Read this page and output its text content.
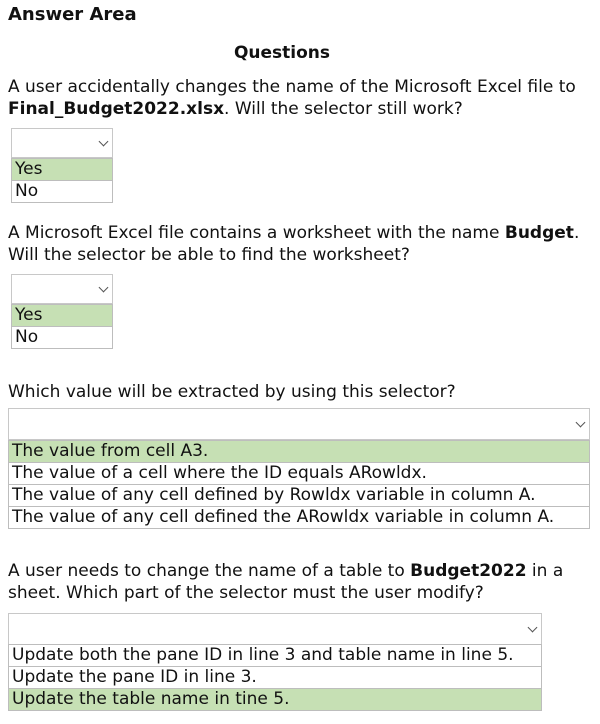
Answer Area
Questions
A user accidentally changes the name of the Microsoft Excel file to Final_Budget2022.xlsx. Will the selector still work?
Yes
No
A Microsoft Excel file contains a worksheet with the name Budget. Will the selector be able to find the worksheet?
Yes
No
Which value will be extracted by using this selector?
The value from cell A3.
The value of a cell where the ID equals ARowldx.
The value of any cell defined by Rowldx variable in column A.
The value of any cell defined the ARowldx variable in column A.
A user needs to change the name of a table to Budget2022 in a sheet. Which part of the selector must the user modify?
Update both the pane ID in line 3 and table name in line 5.
Update the pane ID in line 3.
Update the table name in tine 5.
